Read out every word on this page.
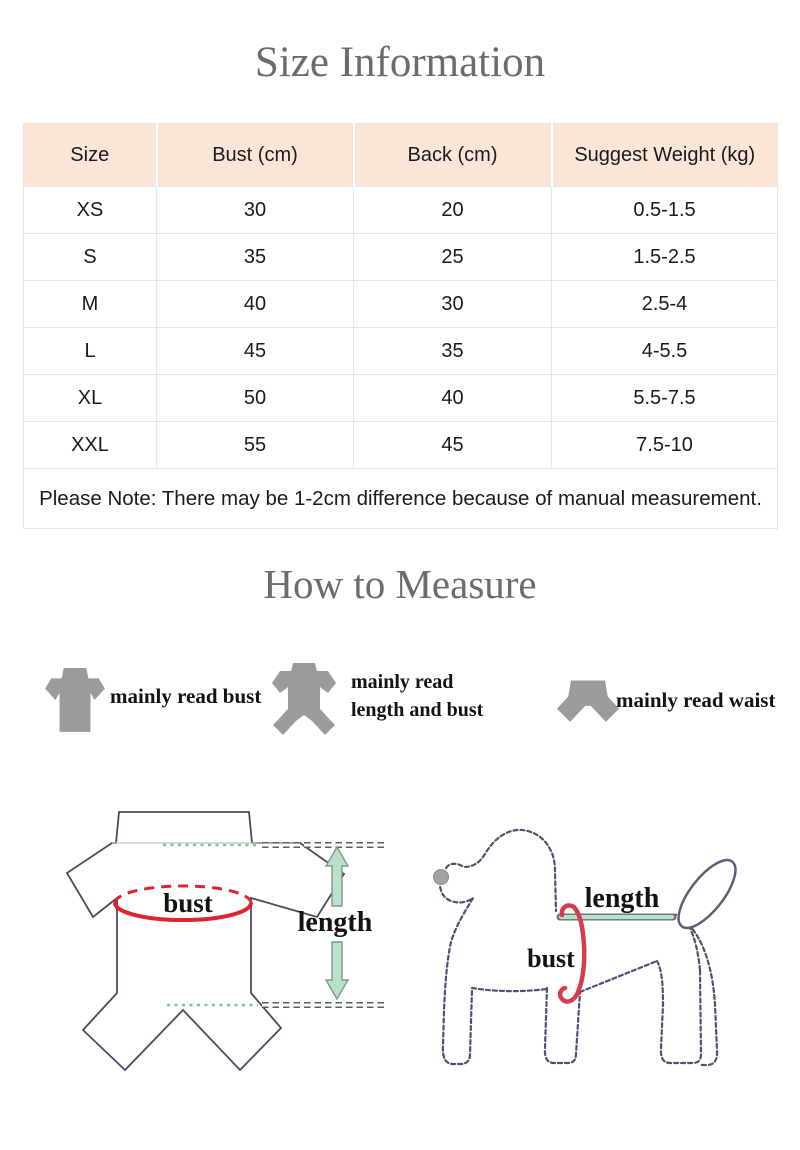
Size Information
Size	Bust (cm)	Back (cm)	Suggest Weight (kg)
XS	30	20	0.5-1.5
S	35	25	1.5-2.5
M	40	30	2.5-4
L	45	35	4-5.5
XL	50	40	5.5-7.5
XXL	55	45	7.5-10
Please Note: There may be 1-2cm difference because of manual measurement.			
How to Measure
mainly read bust
mainly read
length and bust	mainly read waist
bust
length
length
bust
